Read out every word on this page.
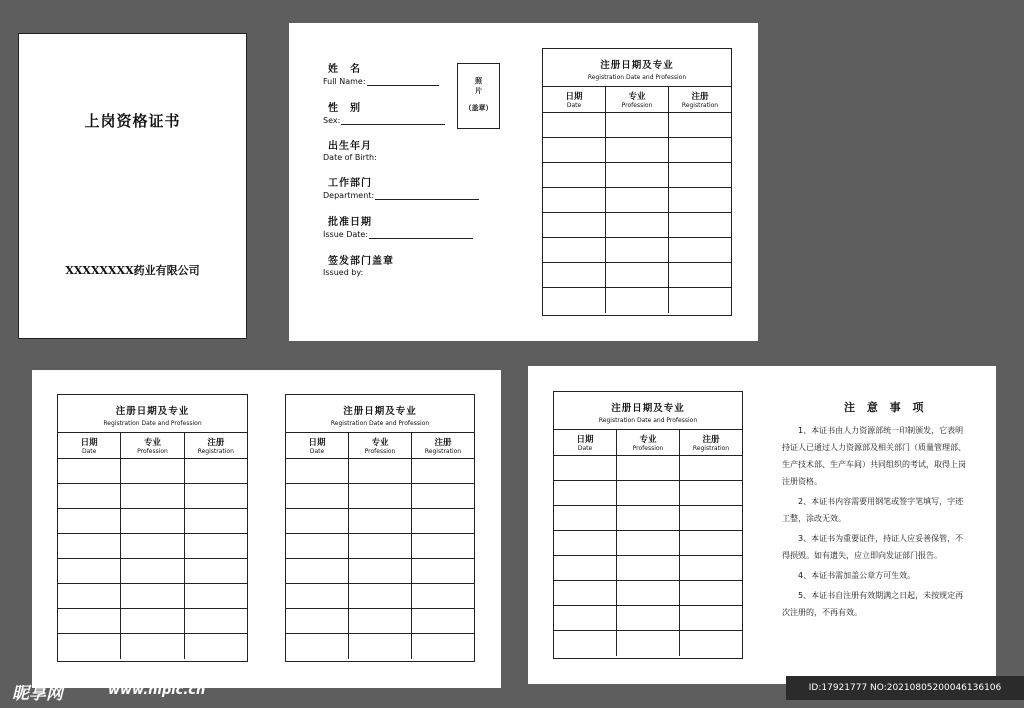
上岗资格证书
XXXXXXXX药业有限公司
姓　名
Full Name:
性　别
Sex:
出生年月
Date of Birth:
工作部门
Department:
批准日期
Issue Date:
签发部门盖章
Issued by:
照片
（盖章）
注册日期及专业
Registration Date and Profession
日期
Date
专业
Profession
注册
Registration
注册日期及专业
Registration Date and Profession
日期
Date
专业
Profession
注册
Registration
注册日期及专业
Registration Date and Profession
日期
Date
专业
Profession
注册
Registration
注册日期及专业
Registration Date and Profession
日期
Date
专业
Profession
注册
Registration
注 意 事 项

1、本证书由人力资源部统一印制颁发，它表明持证人已通过人力资源部及相关部门（质量管理部、生产技术部、生产车间）共同组织的考试，取得上岗注册资格。

2、本证书内容需要用钢笔或签字笔填写，字迹工整，涂改无效。

3、本证书为重要证件，持证人应妥善保管，不得损毁。如有遗失，应立即向发证部门报告。

4、本证书需加盖公章方可生效。

5、本证书自注册有效期满之日起，未按规定再次注册的，不再有效。

昵享网	www.nipic.cn	ID:17921777 NO:20210805200046136106
